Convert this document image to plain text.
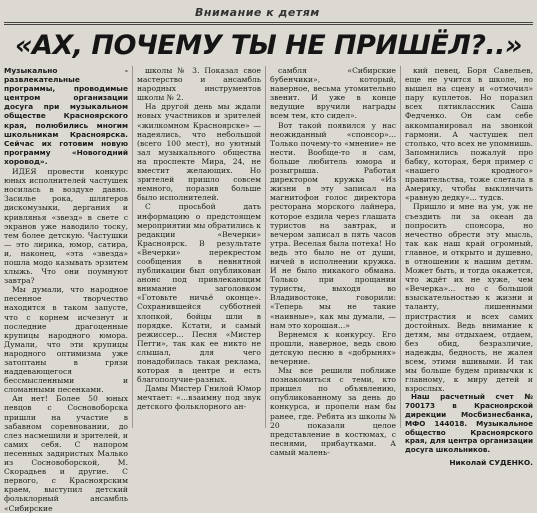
Внимание к детям
«АХ, ПОЧЕМУ ТЫ НЕ ПРИШЁЛ?..»

Музыкально - развлекательные программы, проводимые центром организации досуга при музыкальном обществе Красноярского края, полюбились многим школьникам Красноярска. Сейчас их готовим новую программу «Новогодний хоровод».

ИДЕЯ провести конкурс юных исполнителей частушек носилась в воздухе давно. Засилье рока, шлягеров дискомузыки, дергания и кривлянья «звезд» в свете с экранов уже наводило тоску, тем более детскую. Частушки — это лирика, юмор, сатира, и, наконец, «эта «звезда» пошла модо казывать эрзитем хлыжь. Что они поумнуют завтра?

Мы думали, что народное песенное творчество находится в таком запусте, что с корнем исчезнут и последние драгоценные крупицы народного юмора. Думали, что эти крупицы народного оптимизма уже затоптаны в грязи наддевающегося бессмысленными и сломанными песенками.

Ан нет! Более 50 юных певцов с Сосновоборска пришли на участие в забавном соревновании, до слез насмешили и зрителей, и самих себя. С напором песенных задиристых Малько из Сосновоборской, М. Скорадьев и другие. С первого, с Красноярским краем, выступил детский фольклорный ансамбль «Сибирские

школы № 3. Показал свое мастерство и ансамбль народных инструментов школы № 2.

На другой день мы ждали новых участников и зрителей «жилкомном Красноярске» — надеялись, что небольшой (всего 100 мест), но уютный зал музыкального общества на проспекте Мира, 24, не вместит желающих. Но зрителей пришло совсем немного, поразив больше было исполнителей.

С просьбой дать информацию о предстоящем мероприятии мы обратились к редакции «Вечерки» Красноярск. В результате «Вечерки» перекрестом сообщения в невнятной публикации был опубликован анонс под привлекающим внимание заголовком «Готовьте ничьё оконце». Сохранившейся субботней хлопкой, бойцы шли в порядке. Кстати, и самый режиссер... Песня «Мистер Пегги», так как ее никто не слышал, для чего понадобилась такая реклама, которая в центре и есть благополучие-разных.

Дамы Мистер Гнилой Юмор мечтает: «...взаимну под звук детского фольклорного ан-

самбля «Сибирские бубенчики», который, наверное, весьма утомительно звенит. И уже в конце ведущие вручили награды всем тем, кто сидел».

Вот такой появился у нас неожиданный «спонсор»... Только почему-то «мнение» не нести. Вообще-то я сам, больше любитель юмора и розыгрыша. Работая директором кружка «Из жизни в эту записал на магнитофон голос директора ресторана морского лайнера, которое ездила через глашата туристов на завтрак, и вечером записал в пять часов утра. Веселая была потеха! Но ведь это было не от души, ничей в исполнении кружка. И не было никакого обмана. Только при прощании туристы, выходя во Владивостоке, говорили: «Теперь мы не такие «наивные», как мы думали, — нам это хорошая...»

Вернемся к конкурсу. Его прошли, наверное, ведь свою детскую песню в «добрынях» вечерние.

Мы все решили поближе познакомиться с теми, кто пришел по объявлению, опубликованному за день до конкурса, и пропели нам бы ранее, где. Ребята из школы № 20 показали целое представление в костюмах, с песнями, прибаутками. А самый малень-

кий певец, Боря Савельев, еще не учится в школе, но вышел на сцену и «отмочил» пару куплетов. Но поразил всех пятиклассник Саша Федченко. Он сам себе аккомпанировал на звонкой гармони. А частушек пел столько, что всех не упомнишь. Запомнились пожалуй про бабку, которая, беря пример с «нашего кродного» правительства, тоже слетала в Америку, чтобы выклянчить «равную дедку»... тудсв.

Пришло и мне на ум, уж не съездить ли за океан да попросить спонсора, но нечестно обрести эту мысль, так как наш край огромный, главное, и открыто и душевно, в отношении к нашим детям. Может быть, и тогда окажется, что ждёт их не хуже, чем «Вечерка»... но с большой взыскательностью к жизни и таланту, лишенными пристрастия и всех самих достойных. Ведь внимание к детям, мы отдыхаем, отдаем, без обид, безразличие, надежды, бедность, не жалея всем, этими вшивыми. И так мы больше будем привычки к главному, к миру детей и взрослых.

Наш расчетный счет № 700173 в Красноярской дирекции Мосбизнесбанка, МФО 144018. Музыкальное общество Красноярского края, для центра организации досуга школьников.

Николай СУДЕНКО.
